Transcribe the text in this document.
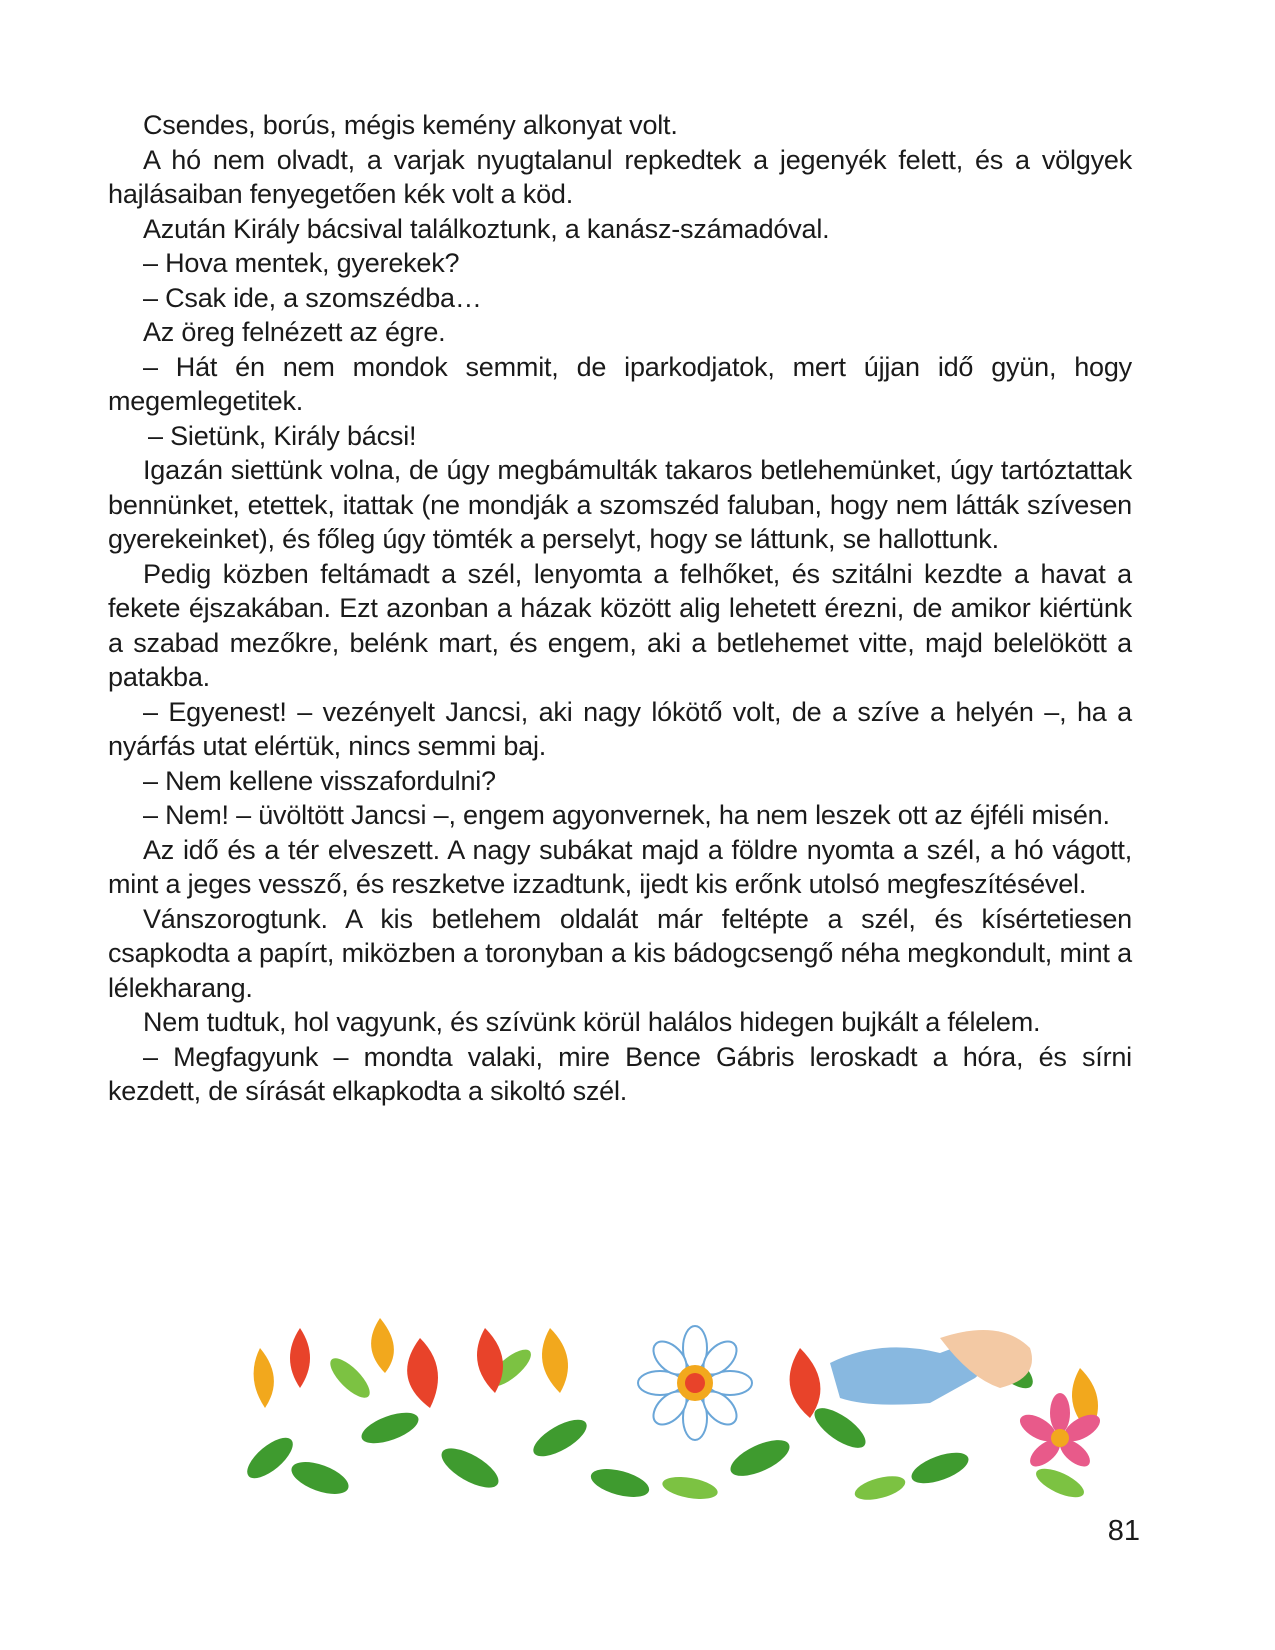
Csendes, borús, mégis kemény alkonyat volt.

A hó nem olvadt, a varjak nyugtalanul repkedtek a jegenyék felett, és a völgyek hajlásaiban fenyegetően kék volt a köd.

Azután Király bácsival találkoztunk, a kanász-számadóval.

– Hova mentek, gyerekek?

– Csak ide, a szomszédba…

Az öreg felnézett az égre.

– Hát én nem mondok semmit, de iparkodjatok, mert újjan idő gyün, hogy megemlegetitek.

– Sietünk, Király bácsi!

Igazán siettünk volna, de úgy megbámulták takaros betlehemünket, úgy tartóztattak bennünket, etettek, itattak (ne mondják a szomszéd faluban, hogy nem látták szívesen gyerekeinket), és főleg úgy tömték a perselyt, hogy se láttunk, se hallottunk.

Pedig közben feltámadt a szél, lenyomta a felhőket, és szitálni kezdte a havat a fekete éjszakában. Ezt azonban a házak között alig lehetett érezni, de amikor kiértünk a szabad mezőkre, belénk mart, és engem, aki a betlehemet vitte, majd belelökött a patakba.

– Egyenest! – vezényelt Jancsi, aki nagy lókötő volt, de a szíve a helyén –, ha a nyárfás utat elértük, nincs semmi baj.

– Nem kellene visszafordulni?

– Nem! – üvöltött Jancsi –, engem agyonvernek, ha nem leszek ott az éjféli misén.

Az idő és a tér elveszett. A nagy subákat majd a földre nyomta a szél, a hó vágott, mint a jeges vessző, és reszketve izzadtunk, ijedt kis erőnk utolsó megfeszítésével.

Vánszorogtunk. A kis betlehem oldalát már feltépte a szél, és kísértetiesen csapkodta a papírt, miközben a toronyban a kis bádogcsengő néha megkondult, mint a lélekharang.

Nem tudtuk, hol vagyunk, és szívünk körül halálos hidegen bujkált a félelem.

– Megfagyunk – mondta valaki, mire Bence Gábris leroskadt a hóra, és sírni kezdett, de sírását elkapkodta a sikoltó szél.

81
